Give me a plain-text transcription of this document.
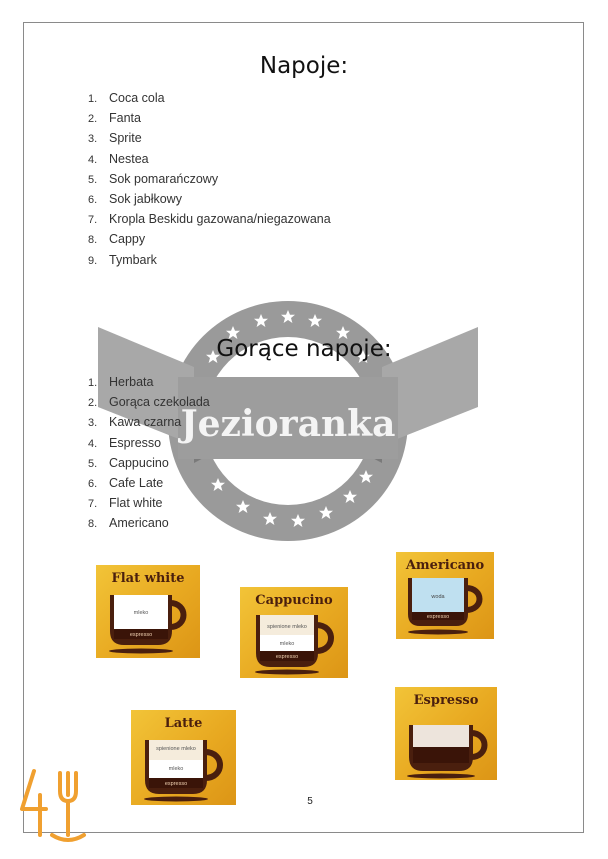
Jezioranka
Napoje:
1. Coca cola
2. Fanta
3. Sprite
4. Nestea
5. Sok pomarańczowy
6. Sok jabłkowy
7. Kropla Beskidu gazowana/niegazowana
8. Cappy
9. Tymbark
Gorące napoje:
1. Herbata
2. Gorąca czekolada
3. Kawa czarna
4. Espresso
5. Cappucino
6. Cafe Late
7. Flat white
8. Americano
mleko
espresso
Flat white
spienione mleko
mleko
espresso
Cappucino	woda
espresso
Americano
spienione mleko
mleko
espresso
Latte
Espresso
5
